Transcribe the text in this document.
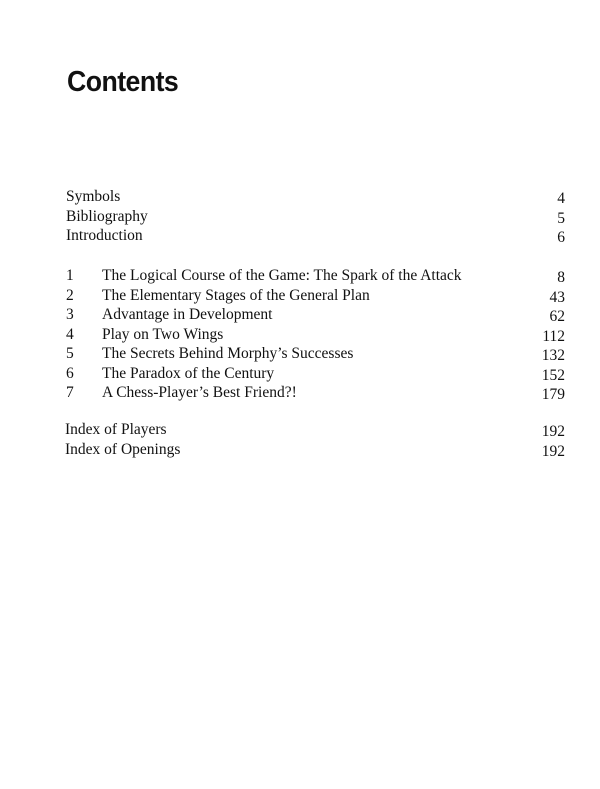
Contents
Symbols	4
Bibliography	5
Introduction	6
1 The Logical Course of the Game: The Spark of the Attack	8
2 The Elementary Stages of the General Plan	43
3 Advantage in Development	62
4 Play on Two Wings	112
5 The Secrets Behind Morphy’s Successes	132
6 The Paradox of the Century	152
7 A Chess-Player’s Best Friend?!	179
Index of Players	192
Index of Openings	192
